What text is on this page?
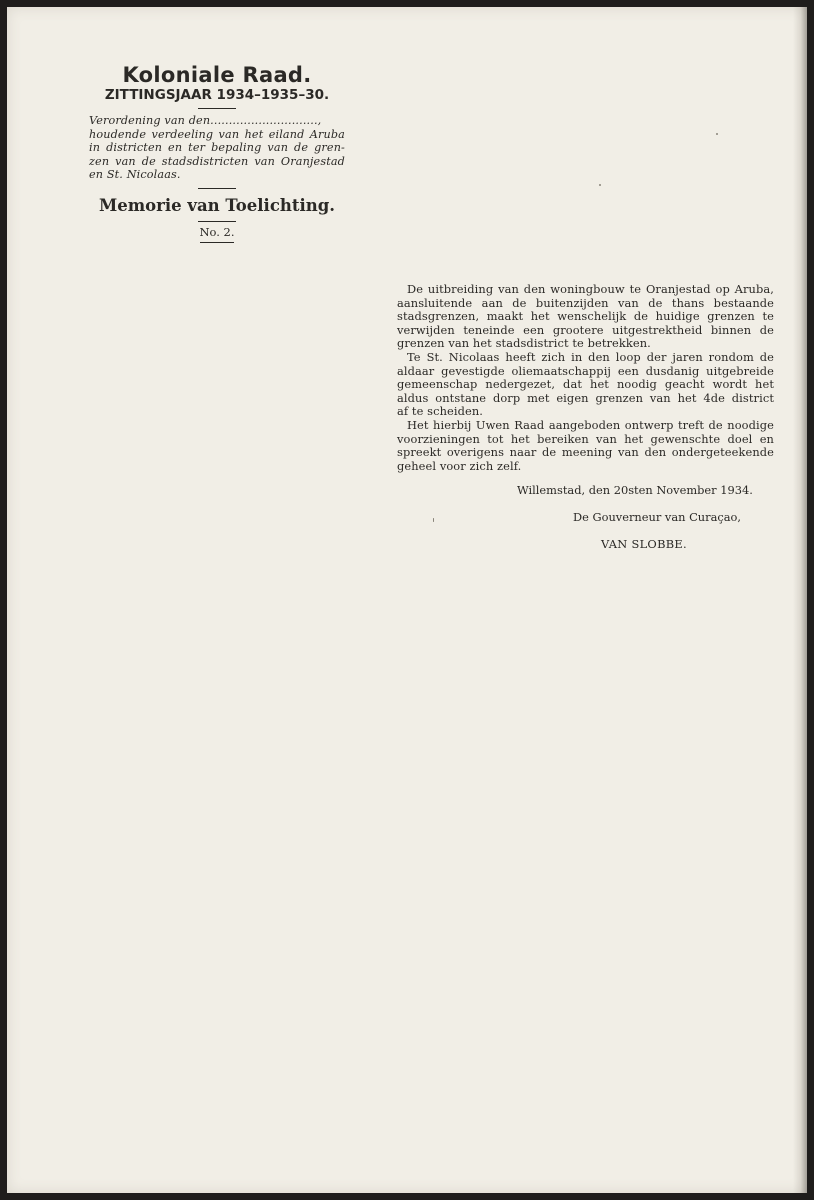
Koloniale Raad.
ZITTINGSJAAR 1934–1935–30.
Verordening van den.............................,
houdende verdeeling van het eiland Aruba
in districten en ter bepaling van de gren-
zen van de stadsdistricten van Oranjestad
en St. Nicolaas.
Memorie van Toelichting.
No. 2.
De uitbreiding van den woningbouw te Oranjestad op Aruba,
aansluitende aan de buitenzijden van de thans bestaande
stadsgrenzen, maakt het wenschelijk de huidige grenzen te
verwijden teneinde een grootere uitgestrektheid binnen de
grenzen van het stadsdistrict te betrekken.
Te St. Nicolaas heeft zich in den loop der jaren rondom de
aldaar gevestigde oliemaatschappij een dusdanig uitgebreide
gemeenschap nedergezet, dat het noodig geacht wordt het
aldus ontstane dorp met eigen grenzen van het 4de district
af te scheiden.
Het hierbij Uwen Raad aangeboden ontwerp treft de noodige
voorzieningen tot het bereiken van het gewenschte doel en
spreekt overigens naar de meening van den ondergeteekende
geheel voor zich zelf.
Willemstad, den 20sten November 1934.
De Gouverneur van Curaçao,
VAN SLOBBE.
